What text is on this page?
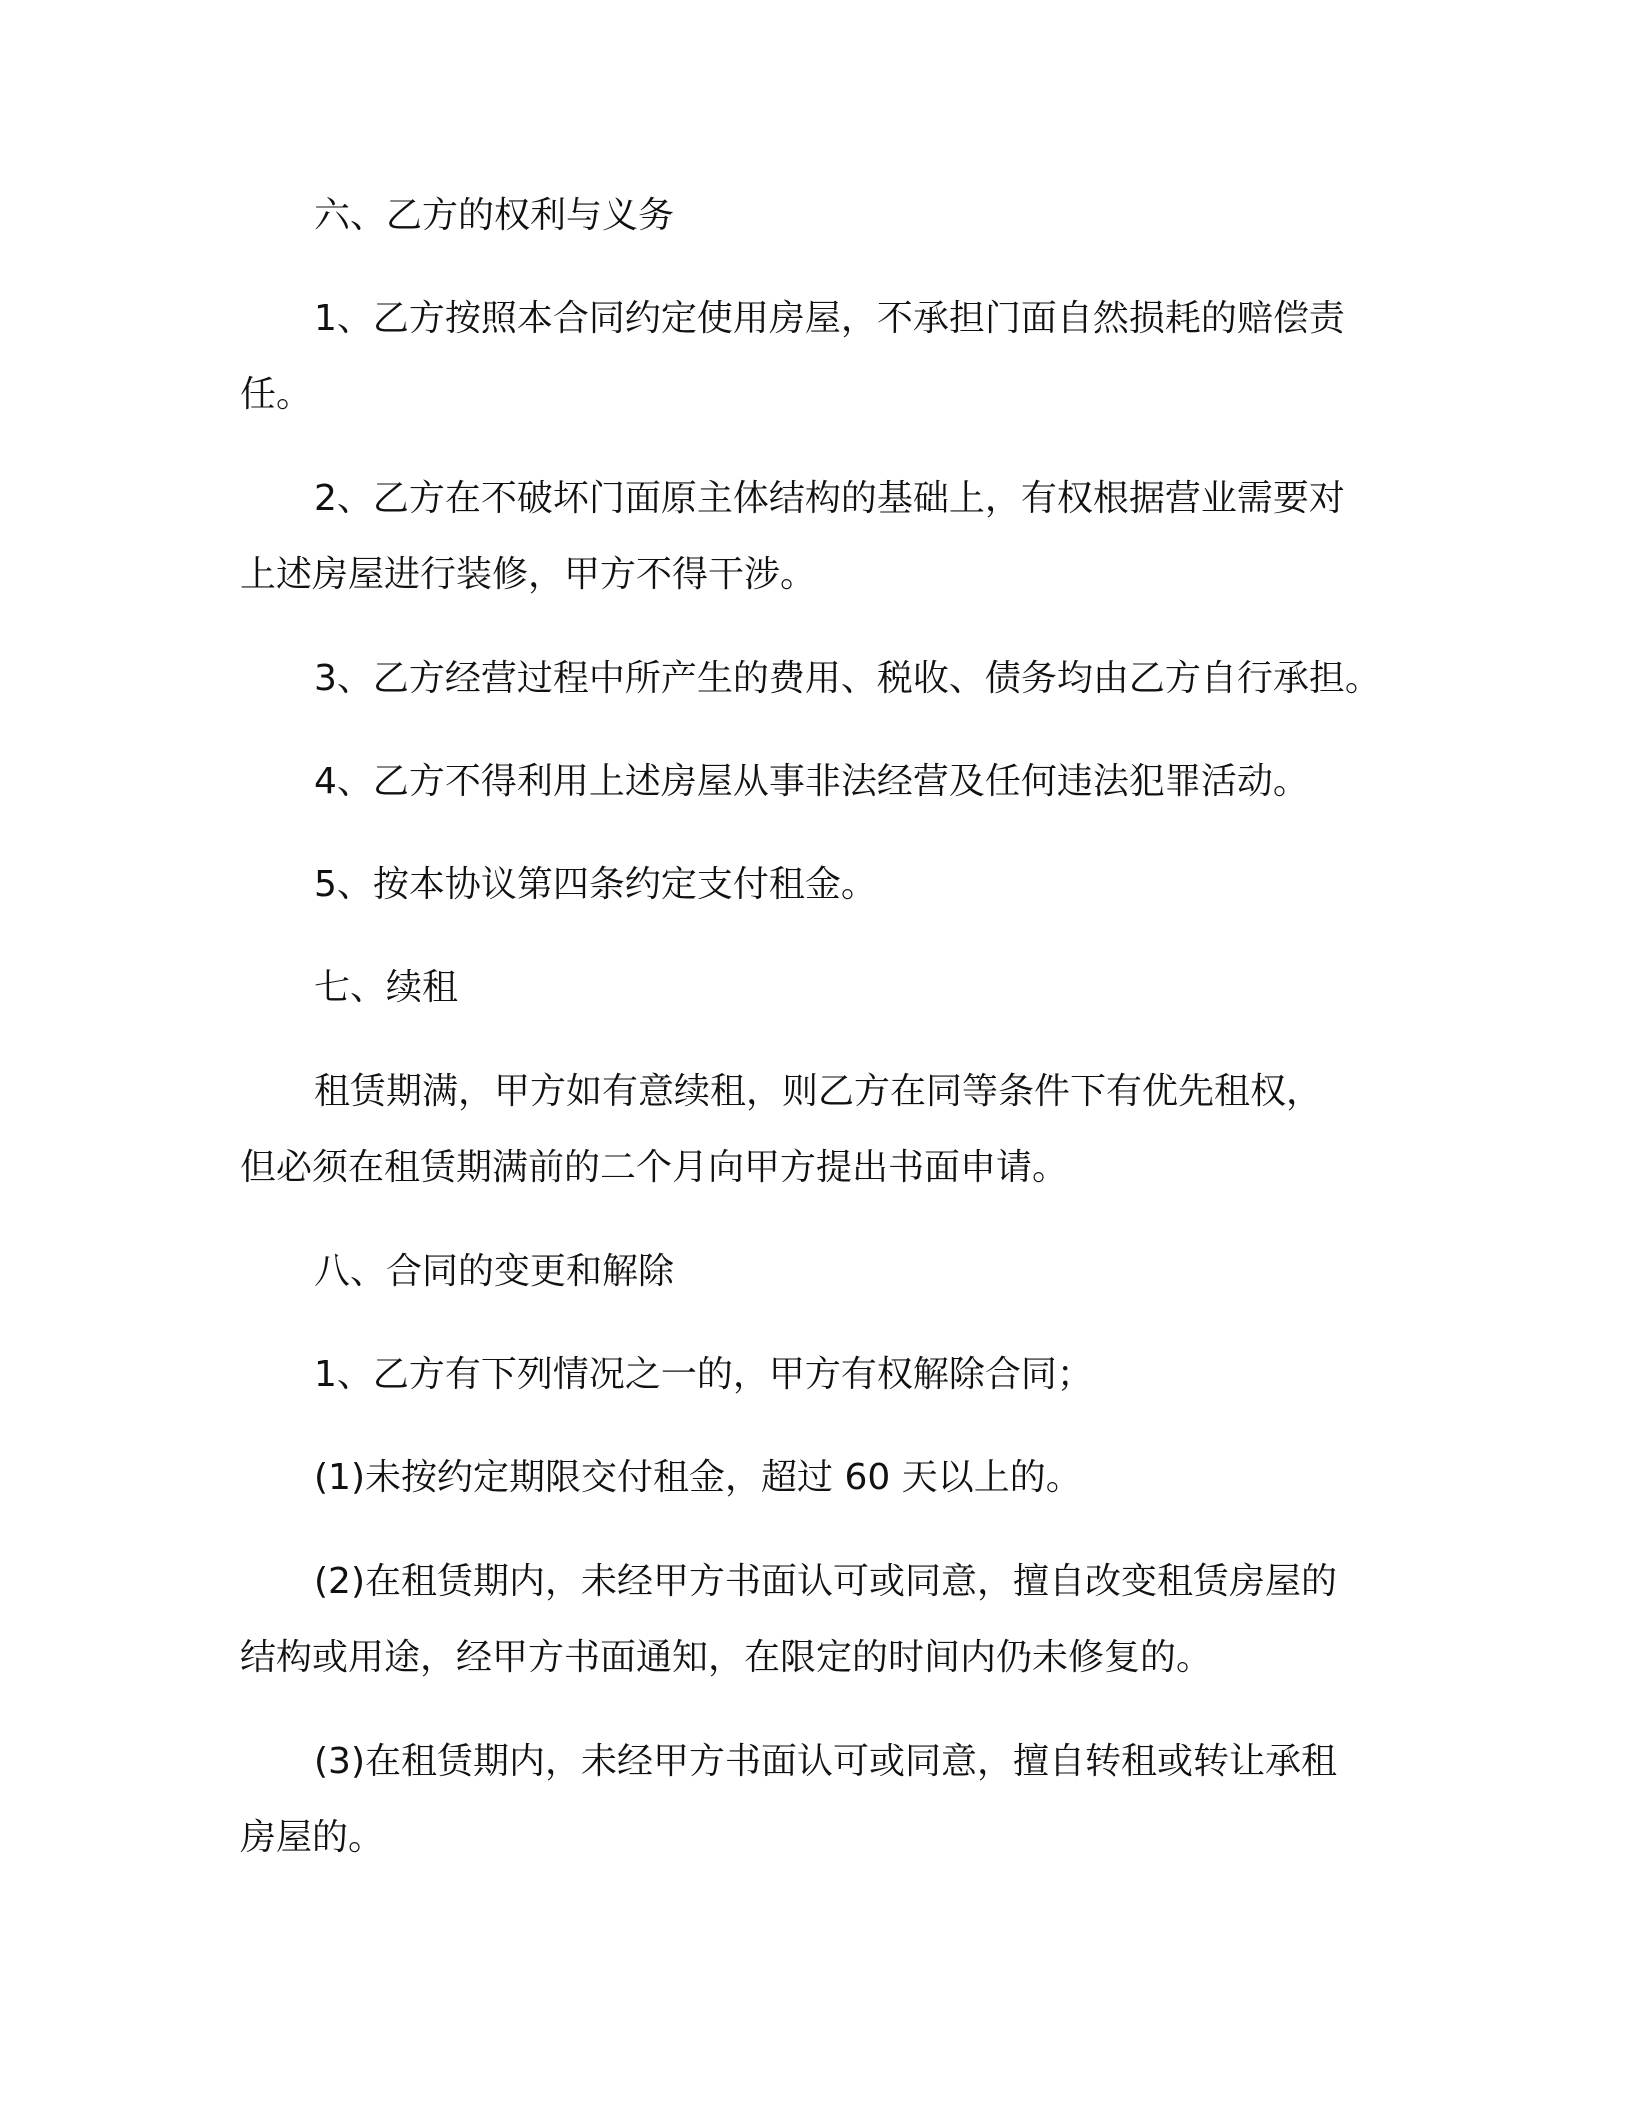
六、乙方的权利与义务

1、乙方按照本合同约定使用房屋，不承担门面自然损耗的赔偿责

任。

2、乙方在不破坏门面原主体结构的基础上，有权根据营业需要对

上述房屋进行装修，甲方不得干涉。

3、乙方经营过程中所产生的费用、税收、债务均由乙方自行承担。

4、乙方不得利用上述房屋从事非法经营及任何违法犯罪活动。

5、按本协议第四条约定支付租金。

七、续租

租赁期满，甲方如有意续租，则乙方在同等条件下有优先租权，

但必须在租赁期满前的二个月向甲方提出书面申请。

八、合同的变更和解除

1、乙方有下列情况之一的，甲方有权解除合同；

(1)未按约定期限交付租金，超过 60 天以上的。

(2)在租赁期内，未经甲方书面认可或同意，擅自改变租赁房屋的

结构或用途，经甲方书面通知，在限定的时间内仍未修复的。

(3)在租赁期内，未经甲方书面认可或同意，擅自转租或转让承租

房屋的。
